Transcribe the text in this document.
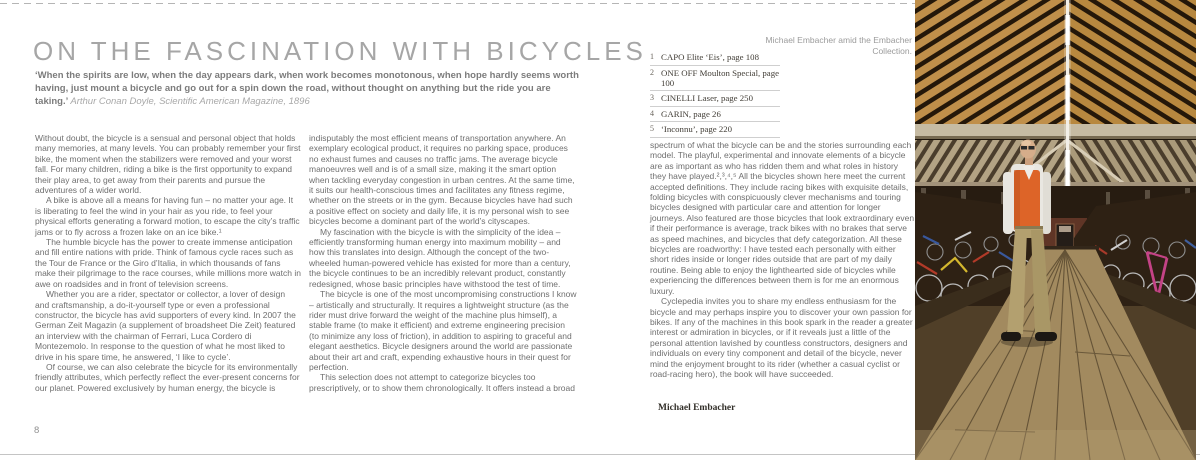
ON THE FASCINATION WITH BICYCLES
‘When the spirits are low, when the day appears dark, when work becomes monotonous, when hope hardly seems worth having, just mount a bicycle and go out for a spin down the road, without thought on anything but the ride you are taking.’ Arthur Conan Doyle, Scientific American Magazine, 1896

Without doubt, the bicycle is a sensual and personal object that holds many memories, at many levels. You can probably remember your first bike, the moment when the stabilizers were removed and your worst fall. For many children, riding a bike is the first opportunity to expand their play area, to get away from their parents and pursue the adventures of a wider world.

A bike is above all a means for having fun – no matter your age. It is liberating to feel the wind in your hair as you ride, to feel your physical efforts generating a forward motion, to escape the city’s traffic jams or to fly across a frozen lake on an ice bike.¹

The humble bicycle has the power to create immense anticipation and fill entire nations with pride. Think of famous cycle races such as the Tour de France or the Giro d’Italia, in which thousands of fans make their pilgrimage to the race courses, while millions more watch in awe on roadsides and in front of television screens.

Whether you are a rider, spectator or collector, a lover of design and craftsmanship, a do-it-yourself type or even a professional constructor, the bicycle has avid supporters of every kind. In 2007 the German Zeit Magazin (a supplement of broadsheet Die Zeit) featured an interview with the chairman of Ferrari, Luca Cordero di Montezemolo. In response to the question of what he most liked to drive in his spare time, he answered, ‘I like to cycle’.

Of course, we can also celebrate the bicycle for its environmentally friendly attributes, which perfectly reflect the ever-present concerns for our planet. Powered exclusively by human energy, the bicycle is

indisputably the most efficient means of transportation anywhere. An exemplary ecological product, it requires no parking space, produces no exhaust fumes and causes no traffic jams. The average bicycle manoeuvres well and is of a small size, making it the smart option when tackling everyday congestion in urban centres. At the same time, it suits our health-conscious times and facilitates any fitness regime, whether on the streets or in the gym. Because bicycles have had such a positive effect on society and daily life, it is my personal wish to see bicycles become a dominant part of the world’s cityscapes.

My fascination with the bicycle is with the simplicity of the idea – efficiently transforming human energy into maximum mobility – and how this translates into design. Although the concept of the two-wheeled human-powered vehicle has existed for more than a century, the bicycle continues to be an incredibly relevant product, constantly redesigned, whose basic principles have withstood the test of time.

The bicycle is one of the most uncompromising constructions I know – artistically and structurally. It requires a lightweight structure (as the rider must drive forward the weight of the machine plus himself), a stable frame (to make it efficient) and extreme engineering precision (to minimize any loss of friction), in addition to aspiring to graceful and elegant aesthetics. Bicycle designers around the world are passionate about their art and craft, expending exhaustive hours in their quest for perfection.

This selection does not attempt to categorize bicycles too prescriptively, or to show them chronologically. It offers instead a broad

spectrum of what the bicycle can be and the stories surrounding each model. The playful, experimental and innovate elements of a bicycle are as important as who has ridden them and what roles in history they have played.²,³,⁴,⁵ All the bicycles shown here meet the current accepted definitions. They include racing bikes with exquisite details, folding bicycles with conspicuously clever mechanisms and touring bicycles designed with particular care and attention for longer journeys. Also featured are those bicycles that look extraordinary even if their performance is average, track bikes with no brakes that serve as speed machines, and bicycles that defy categorization. All these bicycles are roadworthy: I have tested each personally with either short rides inside or longer rides outside that are part of my daily routine. Being able to enjoy the lighthearted side of bicycles while experiencing the differences between them is for me an enormous luxury.

Cyclepedia invites you to share my endless enthusiasm for the bicycle and may perhaps inspire you to discover your own passion for bikes. If any of the machines in this book spark in the reader a greater interest or admiration in bicycles, or if it reveals just a little of the personal attention lavished by countless constructors, designers and individuals on every tiny component and detail of the bicycle, never mind the enjoyment brought to its rider (whether a casual cyclist or road-racing hero), the book will have succeeded.

1 CAPO Elite ‘Eis’, page 108
2 ONE OFF Moulton Special, page 100
3 CINELLI Laser, page 250
4 GARIN, page 26
5 ‘Inconnu’, page 220
Michael Embacher amid the Embacher Collection.
Michael Embacher
8
